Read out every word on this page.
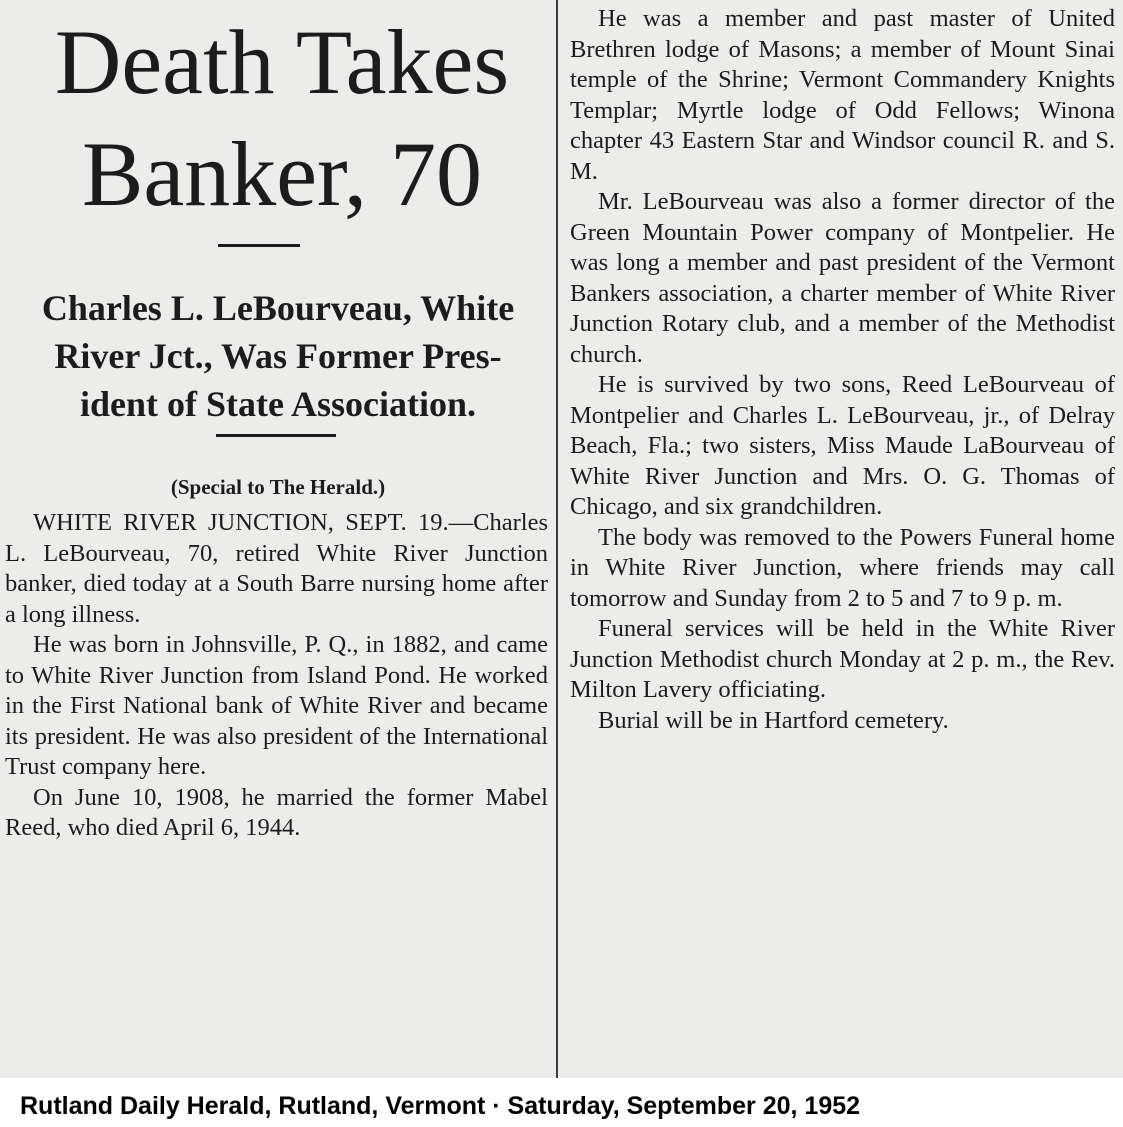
Death Takes
Banker, 70
Charles L. LeBourveau, White
River Jct., Was Former Pres-
ident of State Association.

(Special to The Herald.)

WHITE RIVER JUNCTION, SEPT. 19.—Charles L. LeBourveau, 70, retired White River Junction banker, died today at a South Barre nursing home after a long illness.

He was born in Johnsville, P. Q., in 1882, and came to White River Junction from Island Pond. He worked in the First National bank of White River and became its president. He was also president of the International Trust company here.

On June 10, 1908, he married the former Mabel Reed, who died April 6, 1944.

He was a member and past master of United Brethren lodge of Masons; a member of Mount Sinai temple of the Shrine; Vermont Commandery Knights Templar; Myrtle lodge of Odd Fellows; Winona chapter 43 Eastern Star and Windsor council R. and S. M.

Mr. LeBourveau was also a former director of the Green Mountain Power company of Montpelier. He was long a member and past president of the Vermont Bankers association, a charter member of White River Junction Rotary club, and a member of the Methodist church.

He is survived by two sons, Reed LeBourveau of Montpelier and Charles L. LeBourveau, jr., of Delray Beach, Fla.; two sisters, Miss Maude LaBourveau of White River Junction and Mrs. O. G. Thomas of Chicago, and six grandchildren.

The body was removed to the Powers Funeral home in White River Junction, where friends may call tomorrow and Sunday from 2 to 5 and 7 to 9 p. m.

Funeral services will be held in the White River Junction Methodist church Monday at 2 p. m., the Rev. Milton Lavery officiating.

Burial will be in Hartford cemetery.

Rutland Daily Herald, Rutland, Vermont · Saturday, September 20, 1952
